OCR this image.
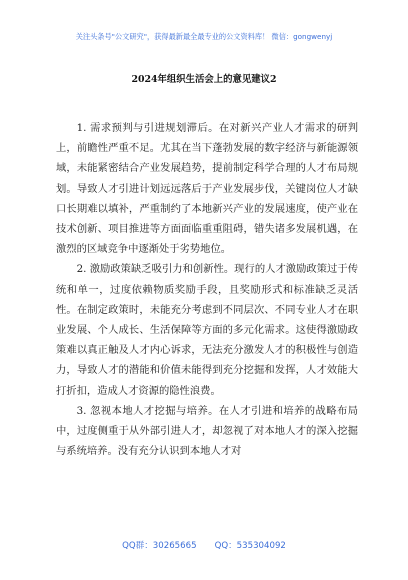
关注头条号"公文研究"，获得最新最全最专业的公文资料库！ 微信：gongwenyj
2024年组织生活会上的意见建议2

1. 需求预判与引进规划滞后。在对新兴产业人才需求的研判上，前瞻性严重不足。尤其在当下蓬勃发展的数字经济与新能源领域，未能紧密结合产业发展趋势，提前制定科学合理的人才布局规划。导致人才引进计划远远落后于产业发展步伐，关键岗位人才缺口长期难以填补，严重制约了本地新兴产业的发展速度，使产业在技术创新、项目推进等方面面临重重阻碍，错失诸多发展机遇，在激烈的区域竞争中逐渐处于劣势地位。

2. 激励政策缺乏吸引力和创新性。现行的人才激励政策过于传统和单一，过度依赖物质奖励手段，且奖励形式和标准缺乏灵活性。在制定政策时，未能充分考虑到不同层次、不同专业人才在职业发展、个人成长、生活保障等方面的多元化需求。这使得激励政策难以真正触及人才内心诉求，无法充分激发人才的积极性与创造力，导致人才的潜能和价值未能得到充分挖掘和发挥，人才效能大打折扣，造成人才资源的隐性浪费。

3. 忽视本地人才挖掘与培养。在人才引进和培养的战略布局中，过度侧重于从外部引进人才，却忽视了对本地人才的深入挖掘与系统培养。没有充分认识到本地人才对

QQ群：30265665 QQ：535304092
